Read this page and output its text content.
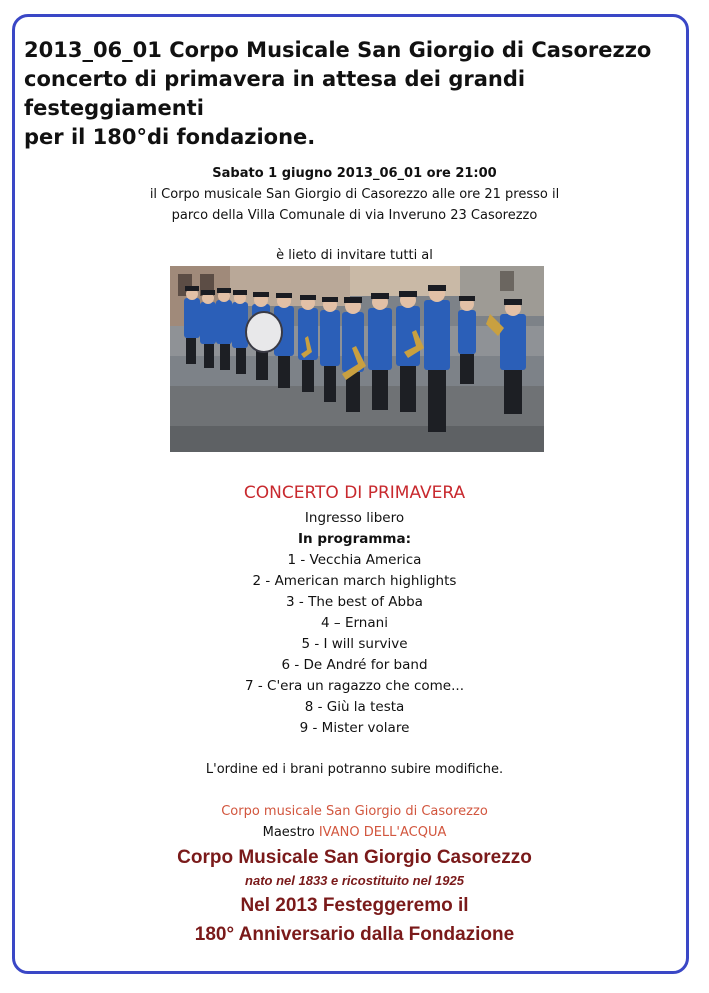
2013_06_01 Corpo Musicale San Giorgio di Casorezzo
concerto di primavera in attesa dei grandi festeggiamenti
per il 180°di fondazione.
Sabato 1 giugno 2013_06_01 ore 21:00
il Corpo musicale San Giorgio di Casorezzo alle ore 21 presso il
parco della Villa Comunale di via Inveruno 23 Casorezzo
è lieto di invitare tutti al
CONCERTO DI PRIMAVERA
Ingresso libero
In programma:
1 - Vecchia America
2 - American march highlights
3 - The best of Abba
4 – Ernani
5 - I will survive
6 - De André for band
7 - C'era un ragazzo che come...
8 - Giù la testa
9 - Mister volare
L'ordine ed i brani potranno subire modifiche.
Corpo musicale San Giorgio di Casorezzo
Maestro IVANO DELL'ACQUA
Corpo Musicale San Giorgio Casorezzo
nato nel 1833 e ricostituito nel 1925
Nel 2013 Festeggeremo il
180° Anniversario dalla Fondazione
